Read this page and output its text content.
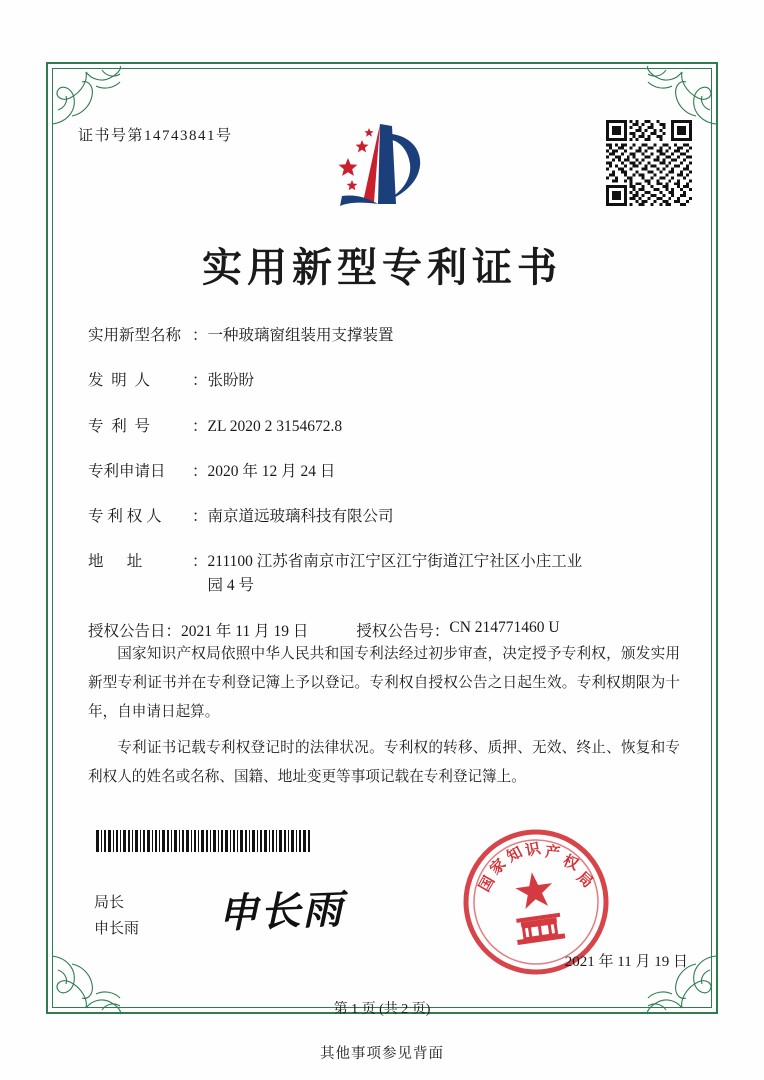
证书号第14743841号
实用新型专利证书
实用新型名称 ： 一种玻璃窗组装用支撑装置
发  明  人	： 张盼盼
专  利  号	： ZL 2020 2 3154672.8
专利申请日	： 2020 年 12 月 24 日
专 利 权 人	： 南京道远玻璃科技有限公司
地      址	： 211100 江苏省南京市江宁区江宁街道江宁社区小庄工业
园 4 号
授权公告日 ： 2021 年 11 月 19 日	授权公告号 ： CN 214771460 U

国家知识产权局依照中华人民共和国专利法经过初步审查，决定授予专利权，颁发实用新型专利证书并在专利登记簿上予以登记。专利权自授权公告之日起生效。专利权期限为十年，自申请日起算。

专利证书记载专利权登记时的法律状况。专利权的转移、质押、无效、终止、恢复和专利权人的姓名或名称、国籍、地址变更等事项记载在专利登记簿上。

局长
申长雨 申长雨
国
家
知
识 产 权
局
2021 年 11 月 19 日
第 1 页 (共 2 页)
其他事项参见背面
